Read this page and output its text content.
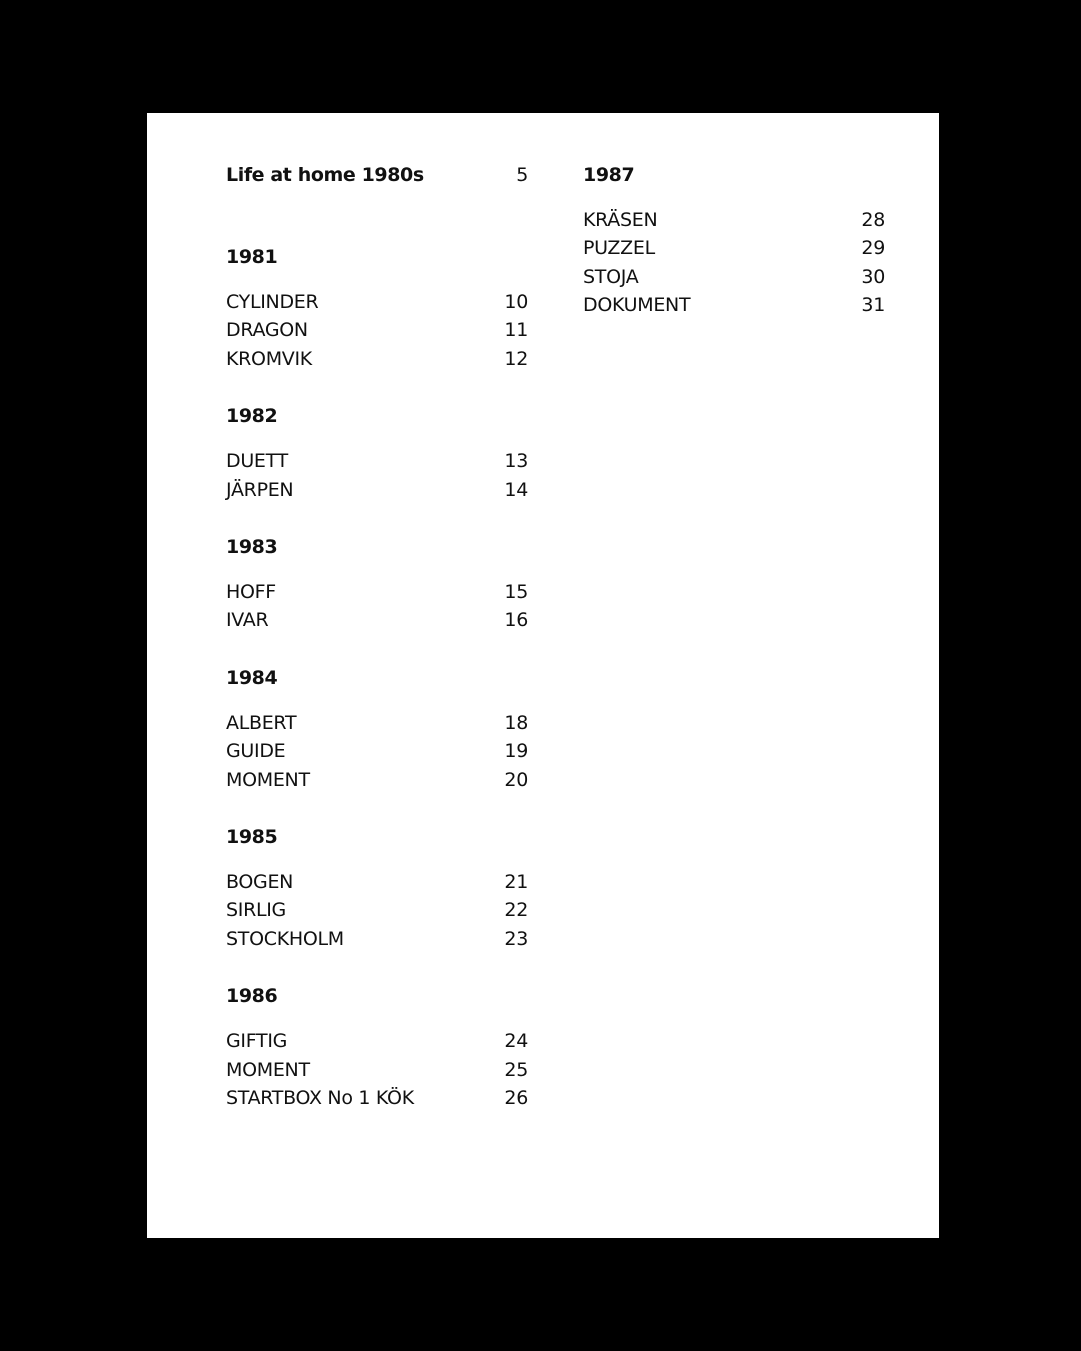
Life at home 1980s	5
1981
CYLINDER	10
DRAGON	11
KROMVIK	12
1982
DUETT	13
JÄRPEN	14
1983
HOFF	15
IVAR	16
1984
ALBERT	18
GUIDE	19
MOMENT	20
1985
BOGEN	21
SIRLIG	22
STOCKHOLM	23
1986
GIFTIG	24
MOMENT	25
STARTBOX No 1 KÖK	26
1987
KRÄSEN	28
PUZZEL	29
STOJA	30
DOKUMENT	31
